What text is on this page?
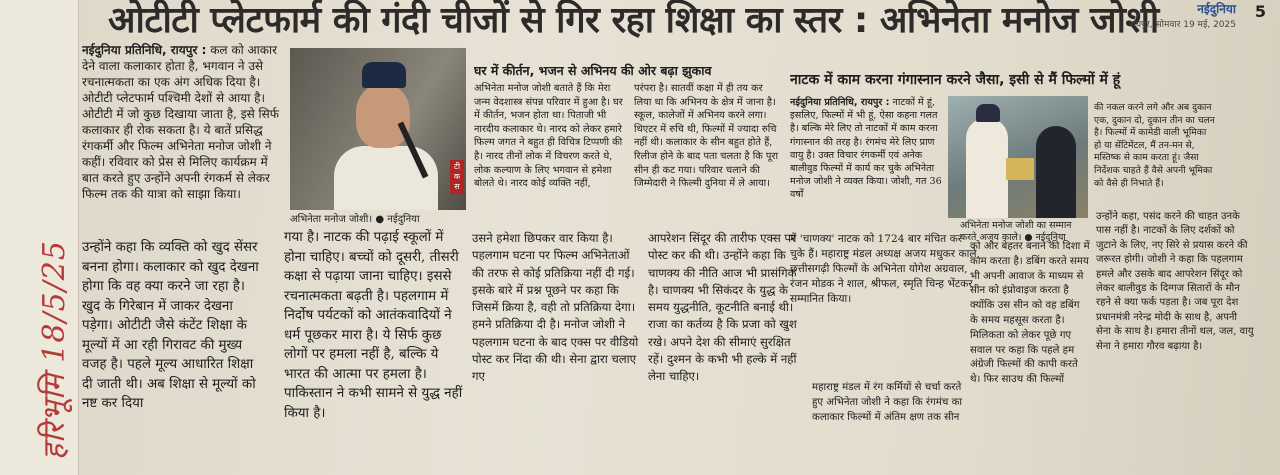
हरिभूमि 18/5/25
ओटीटी प्लेटफार्म की गंदी चीजों से गिर रहा शिक्षा का स्तर : अभिनेता मनोज जोशी	नईदुनिया
रायपुर, सोमवार 19 मई, 2025
5

नईदुनिया प्रतिनिधि, रायपुर : कल को आकार देने वाला कलाकार होता है, भगवान ने उसे रचनात्मकता का एक अंग अधिक दिया है। ओटीटी प्लेटफार्म पश्चिमी देशों से आया है। ओटीटी में जो कुछ दिखाया जाता है, इसे सिर्फ कलाकार ही रोक सकता है। ये बातें प्रसिद्ध रंगकर्मी और फिल्म अभिनेता मनोज जोशी ने कहीं। रविवार को प्रेस से मिलिए कार्यक्रम में बात करते हुए उन्होंने अपनी रंगकर्म से लेकर फिल्म तक की यात्रा को साझा किया।

उन्होंने कहा कि व्यक्ति को खुद सेंसर बनना होगा। कलाकार को खुद देखना होगा कि वह क्या करने जा रहा है। खुद के गिरेबान में जाकर देखना पड़ेगा। ओटीटी जैसे कंटेंट शिक्षा के मूल्यों में आ रही गिरावट की मुख्य वजह है। पहले मूल्य आधारित शिक्षा दी जाती थी। अब शिक्षा से मूल्यों को नष्ट कर दिया

टी क स
अभिनेता मनोज जोशी। ● नईदुनिया

गया है। नाटक की पढ़ाई स्कूलों में होना चाहिए। बच्चों को दूसरी, तीसरी कक्षा से पढ़ाया जाना चाहिए। इससे रचनात्मकता बढ़ती है। पहलगाम में निर्दोष पर्यटकों को आतंकवादियों ने धर्म पूछकर मारा है। ये सिर्फ कुछ लोगों पर हमला नहीं है, बल्कि ये भारत की आत्मा पर हमला है। पाकिस्तान ने कभी सामने से युद्ध नहीं किया है।

घर में कीर्तन, भजन से अभिनय की ओर बढ़ा झुकाव

अभिनेता मनोज जोशी बताते हैं कि मेरा जन्म वेदशास्त्र संपन्न परिवार में हुआ है। घर में कीर्तन, भजन होता था। पिताजी भी नारदीय कलाकार थे। नारद को लेकर हमारे फिल्म जगत ने बहुत ही विचित्र टिप्पणी की है। नारद तीनों लोक में विचरण करते थे, लोक कल्याण के लिए भगवान से हमेशा बोलते थे। नारद कोई व्यक्ति नहीं,

परंपरा है। सातवीं कक्षा में ही तय कर लिया था कि अभिनय के क्षेत्र में जाना है। स्कूल, कालेजों में अभिनय करने लगा। थिएटर में रुचि थी, फिल्मों में ज्यादा रुचि नहीं थी। कलाकार के सीन बहुत होते हैं, रिलीज होने के बाद पता चलता है कि पूरा सीन ही कट गया। परिवार चलाने की जिम्मेदारी ने फिल्मी दुनिया में ले आया।

उसने हमेशा छिपकर वार किया है। पहलगाम घटना पर फिल्म अभिनेताओं की तरफ से कोई प्रतिक्रिया नहीं दी गई। इसके बारे में प्रश्न पूछने पर कहा कि जिसमें क्रिया है, वही तो प्रतिक्रिया देगा। हमने प्रतिक्रिया दी है। मनोज जोशी ने पहलगाम घटना के बाद एक्स पर वीडियो पोस्ट कर निंदा की थी। सेना द्वारा चलाए गए

आपरेशन सिंदूर की तारीफ एक्स पर पोस्ट कर की थी। उन्होंने कहा कि चाणक्य की नीति आज भी प्रासंगिक है। चाणक्य भी सिकंदर के युद्ध के समय युद्धनीति, कूटनीति बनाई थी। राजा का कर्तव्य है कि प्रजा को खुश रखे। अपने देश की सीमाएं सुरक्षित रहें। दुश्मन के कभी भी हल्के में नहीं लेना चाहिए।

नाटक में काम करना गंगास्नान करने जैसा, इसी से मैं फिल्मों में हूं

नईदुनिया प्रतिनिधि, रायपुर : नाटकों में हूं, इसलिए, फिल्मों में भी हूं, ऐसा कहना गलत है। बल्कि मेरे लिए तो नाटकों में काम करना गंगास्नान की तरह है। रंगमंच मेरे लिए प्राण वायु है। उक्त विचार रंगकर्मी एवं अनेक बालीवुड फिल्मों में कार्य कर चुके अभिनेता मनोज जोशी ने व्यक्त किया। जोशी, गत 36 वर्षों

में 'चाणक्य' नाटक को 1724 बार मंचित कर चुके हैं। महाराष्ट्र मंडल अध्यक्ष अजय मधुकर काले, छत्तीसगढ़ी फिल्मों के अभिनेता योगेश अग्रवाल, रंजन मोडक ने शाल, श्रीफल, स्मृति चिन्ह भेंटकर सम्मानित किया।

महाराष्ट्र मंडल में रंग कर्मियों से चर्चा करते हुए अभिनेता जोशी ने कहा कि रंगमंच का कलाकार फिल्मों में अंतिम क्षण तक सीन

अभिनेता मनोज जोशी का सम्मान करते अजय काले। ● नईदुनिया

की नकल करने लगे और अब दुकान एक, दुकान दो, दुकान तीन का चलन है। फिल्मों में कामेडी वाली भूमिका हो या सेंटिमेंटल, मैं तन-मन से, मस्तिष्क से काम करता हूं। जैसा निर्देशक चाहते हैं वैसे अपनी भूमिका को वैसे ही निभाते हैं।

को और बेहतर बनाने की दिशा में काम करता है। डबिंग करते समय भी अपनी आवाज के माध्यम से सीन को इंप्रोवाइज करता है क्योंकि उस सीन को वह डबिंग के समय महसूस करता है। मिलिकता को लेकर पूछे गए सवाल पर कहा कि पहले हम अंग्रेजी फिल्मों की कापी करते थे। फिर साउथ की फिल्मों

उन्होंने कहा, पसंद करने की चाहत उनके पास नहीं है। नाटकों के लिए दर्शकों को जुटाने के लिए, नए सिरे से प्रयास करने की जरूरत होगी। जोशी ने कहा कि पहलगाम हमले और उसके बाद आपरेशन सिंदूर को लेकर बालीवुड के दिग्गज सितारों के मौन रहने से क्या फर्क पड़ता है। जब पूरा देश प्रधानमंत्री नरेन्द्र मोदी के साथ है, अपनी सेना के साथ है। हमारा तीनों थल, जल, वायु सेना ने हमारा गौरव बढ़ाया है।
